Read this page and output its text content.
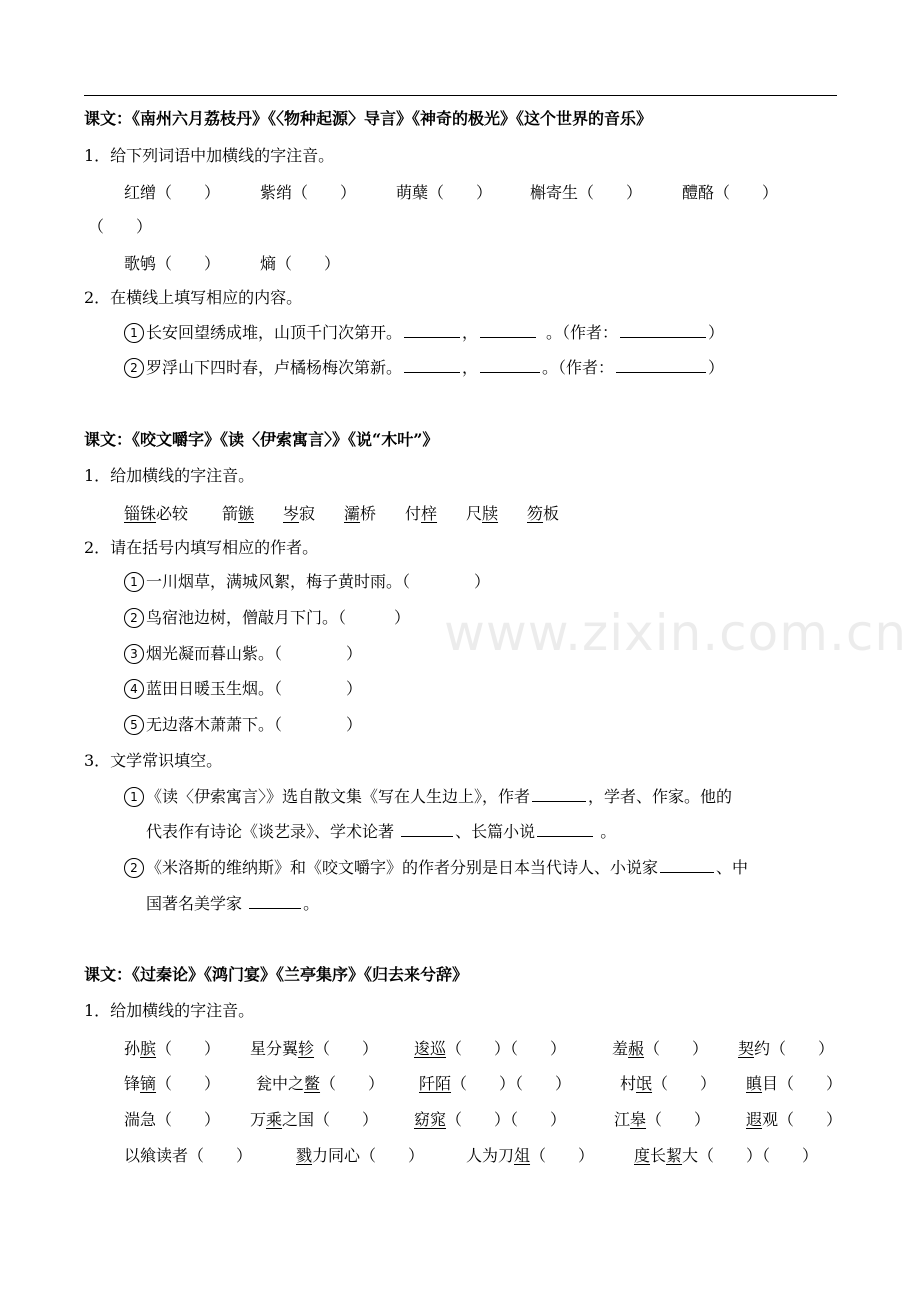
课文：《南州六月荔枝丹》《〈物种起源〉导言》《神奇的极光》《这个世界的音乐》
1．给下列词语中加横线的字注音。
红缯（　　） 紫绡（　　） 萌蘖（　　） 槲寄生（　　） 醴酪（　　）
（　　）
歌鸲（　　） 熵（　　）
2．在横线上填写相应的内容。
1 长安回望绣成堆，山顶千门次第开。	，	。（作者：	）
2 罗浮山下四时春，卢橘杨梅次第新。	，	。（作者：	）
课文：《咬文嚼字》《读〈伊索寓言〉》《说“木叶”》
1．给加横线的字注音。
锱铢必较 箭镞 岑寂 灞桥 付梓 尺牍 笏板
2．请在括号内填写相应的作者。
1 一川烟草，满城风絮，梅子黄时雨。（　　　　）
2 鸟宿池边树，僧敲月下门。（　　　）
3 烟光凝而暮山紫。（　　　　）
4 蓝田日暖玉生烟。（　　　　）
5 无边落木萧萧下。（　　　　）
3．文学常识填空。
1 《读〈伊索寓言〉》选自散文集《写在人生边上》，作者	，学者、作家。他的
代表作有诗论《谈艺录》、学术论著	、长篇小说	。
2 《米洛斯的维纳斯》和《咬文嚼字》的作者分别是日本当代诗人、小说家	、中
国著名美学家	。
课文：《过秦论》《鸿门宴》《兰亭集序》《归去来兮辞》
1．给加横线的字注音。
孙膑（　　） 星分翼轸（　　） 逡巡（　　）（　　）	羞赧（　　） 契约（　　）
锋镝（　　） 瓮中之鳖（　　） 阡陌（　　）（　　）	村氓（　　） 瞋目（　　）
湍急（　　） 万乘之国（　　） 窈窕（　　）（　　）	江皋（　　） 遐观（　　）
以飨读者（　　）	戮力同心（　　）	人为刀俎（　　） 度长絜大（　　）（　　）
www.zixin.com.cn
